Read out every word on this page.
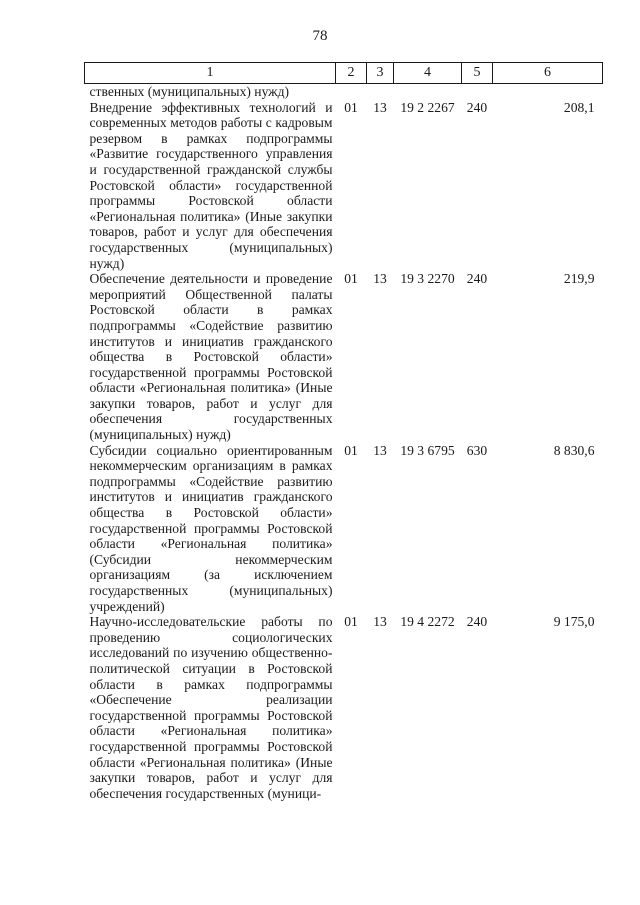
78
1	2	3	4	5	6
ственных (муниципальных) нужд)					
Внедрение эффективных технологий и современных методов работы с кадровым резервом в рамках подпрограммы «Развитие государственного управления и государственной гражданской службы Ростовской области» государственной программы Ростовской области «Региональная политика» (Иные закупки товаров, работ и услуг для обеспечения государственных (муниципальных) нужд)	01	13	19 2 2267	240	208,1
Обеспечение деятельности и проведение мероприятий Общественной палаты Ростовской области в рамках подпрограммы «Содействие развитию институтов и инициатив гражданского общества в Ростовской области» государственной программы Ростовской области «Региональная политика» (Иные закупки товаров, работ и услуг для обеспечения государственных (муниципальных) нужд)	01	13	19 3 2270	240	219,9
Субсидии социально ориентированным некоммерческим организациям в рамках подпрограммы «Содействие развитию институтов и инициатив гражданского общества в Ростовской области» государственной программы Ростовской области «Региональная политика» (Субсидии некоммерческим организациям (за исключением государственных (муниципальных) учреждений)	01	13	19 3 6795	630	8 830,6
Научно-исследовательские работы по проведению социологических исследований по изучению общественно-политической ситуации в Ростовской области в рамках подпрограммы «Обеспечение реализации государственной программы Ростовской области «Региональная политика» государственной программы Ростовской области «Региональная политика» (Иные закупки товаров, работ и услуг для обеспечения государственных (муници-	01	13	19 4 2272	240	9 175,0
